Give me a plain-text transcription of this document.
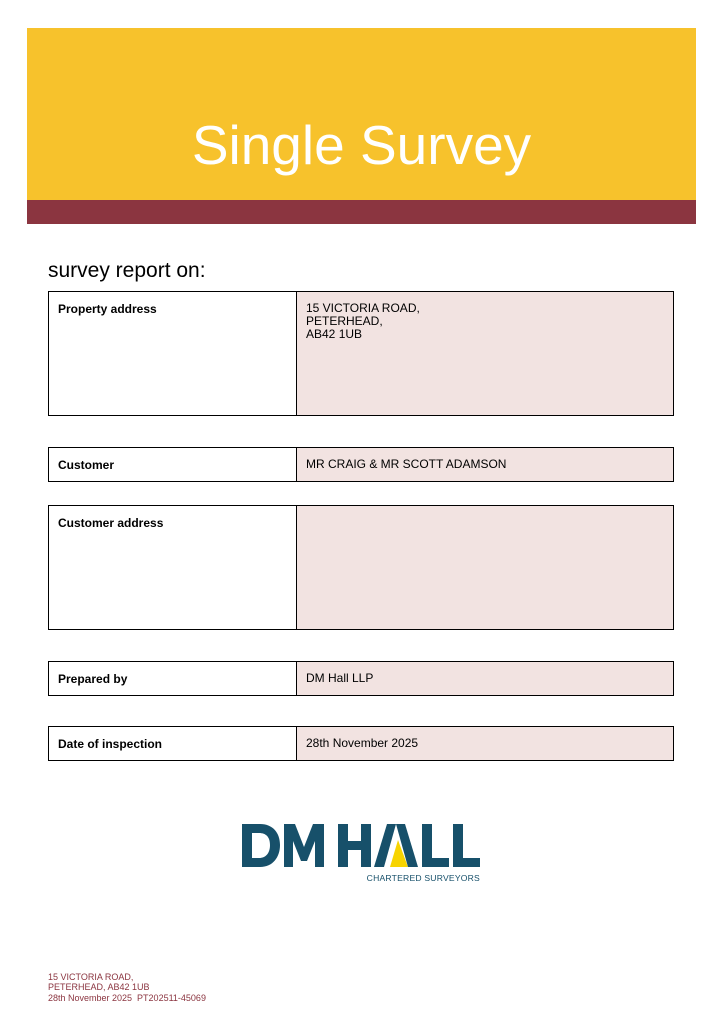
Single Survey
survey report on:
Property address	15 VICTORIA ROAD,
PETERHEAD,
AB42 1UB
Customer	MR CRAIG & MR SCOTT ADAMSON
Customer address
Prepared by	DM Hall LLP
Date of inspection	28th November 2025
CHARTERED SURVEYORS
15 VICTORIA ROAD,
PETERHEAD, AB42 1UB
28th November 2025  PT202511-45069
